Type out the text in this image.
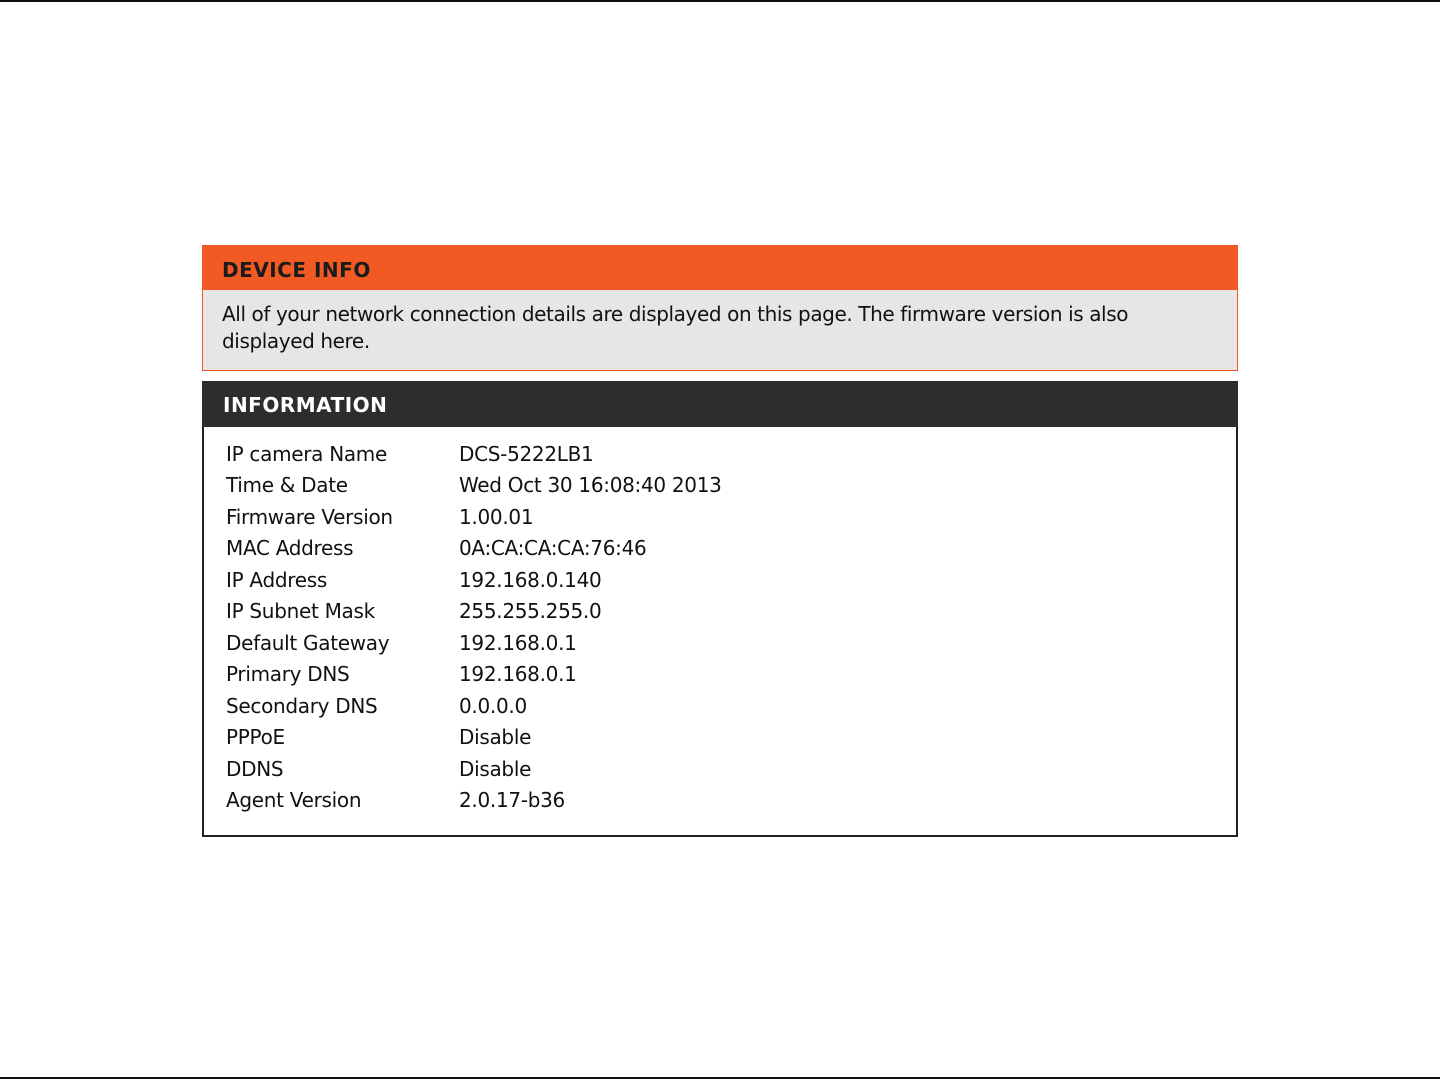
DEVICE INFO
All of your network connection details are displayed on this page. The firmware version is also displayed here.
INFORMATION
IP camera Name	DCS-5222LB1
Time & Date	Wed Oct 30 16:08:40 2013
Firmware Version	1.00.01
MAC Address	0A:CA:CA:CA:76:46
IP Address	192.168.0.140
IP Subnet Mask	255.255.255.0
Default Gateway	192.168.0.1
Primary DNS	192.168.0.1
Secondary DNS	0.0.0.0
PPPoE	Disable
DDNS	Disable
Agent Version	2.0.17-b36
